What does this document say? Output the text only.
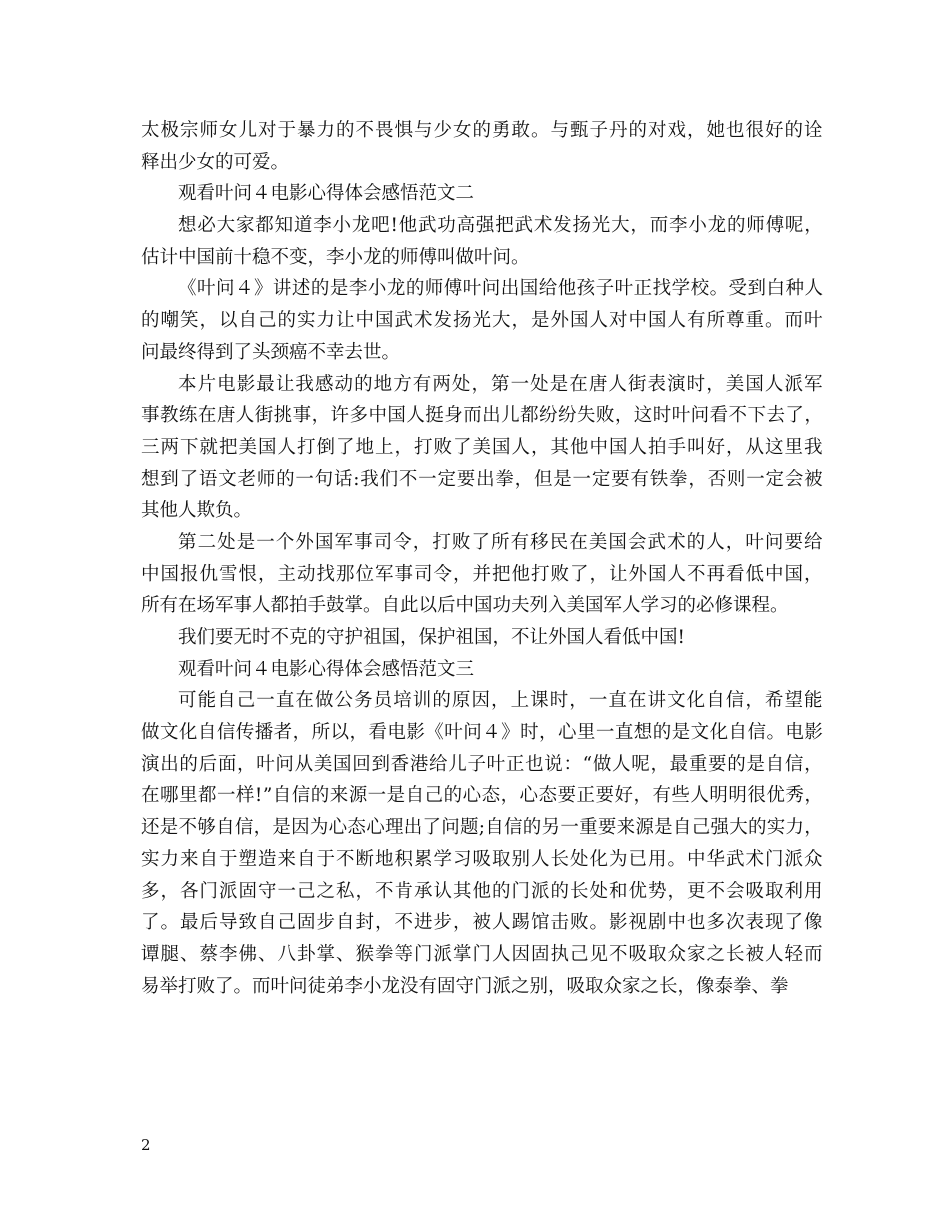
太 极 宗 师 女 儿 对 于 暴 力 的 不 畏 惧 与 少 女 的 勇 敢 。 与 甄 子 丹 的 对 戏 ， 她 也 很 好 的 诠
释出少女的可爱。
观看叶问４电影心得体会感悟范文二
想 必 大 家 都 知 道 李 小 龙 吧 ! 他 武 功 高 强 把 武 术 发 扬 光 大 ， 而 李 小 龙 的 师 傅 呢 ，
估计中国前十稳不变，李小龙的师傅叫做叶问。
《 叶 问 ４ 》 讲 述 的 是 李 小 龙 的 师 傅 叶 问 出 国 给 他 孩 子 叶 正 找 学 校 。 受 到 白 种 人
的 嘲 笑 ， 以 自 己 的 实 力 让 中 国 武 术 发 扬 光 大 ， 是 外 国 人 对 中 国 人 有 所 尊 重 。 而 叶
问最终得到了头颈癌不幸去世。
本 片 电 影 最 让 我 感 动 的 地 方 有 两 处 ， 第 一 处 是 在 唐 人 街 表 演 时 ， 美 国 人 派 军
事 教 练 在 唐 人 街 挑 事 ， 许 多 中 国 人 挺 身 而 出 儿 都 纷 纷 失 败 ， 这 时 叶 问 看 不 下 去 了 ，
三 两 下 就 把 美 国 人 打 倒 了 地 上 ， 打 败 了 美 国 人 ， 其 他 中 国 人 拍 手 叫 好 ， 从 这 里 我
想 到 了 语 文 老 师 的 一 句 话 : 我 们 不 一 定 要 出 拳 ， 但 是 一 定 要 有 铁 拳 ， 否 则 一 定 会 被
其他人欺负。
第 二 处 是 一 个 外 国 军 事 司 令 ， 打 败 了 所 有 移 民 在 美 国 会 武 术 的 人 ， 叶 问 要 给
中 国 报 仇 雪 恨 ， 主 动 找 那 位 军 事 司 令 ， 并 把 他 打 败 了 ， 让 外 国 人 不 再 看 低 中 国 ，
所有在场军事人都拍手鼓掌。自此以后中国功夫列入美国军人学习的必修课程。
我们要无时不克的守护祖国，保护祖国，不让外国人看低中国!
观看叶问４电影心得体会感悟范文三
可 能 自 己 一 直 在 做 公 务 员 培 训 的 原 因 ， 上 课 时 ， 一 直 在 讲 文 化 自 信 ， 希 望 能
做 文 化 自 信 传 播 者 ， 所 以 ， 看 电 影 《 叶 问 ４ 》 时 ， 心 里 一 直 想 的 是 文 化 自 信 。 电 影
演 出 的 后 面 ， 叶 问 从 美 国 回 到 香 港 给 儿 子 叶 正 也 说 ： “ 做 人 呢 ， 最 重 要 的 是 自 信 ，
在 哪 里 都 一 样 ! ” 自 信 的 来 源 一 是 自 己 的 心 态 ， 心 态 要 正 要 好 ， 有 些 人 明 明 很 优 秀 ，
还 是 不 够 自 信 ， 是 因 为 心 态 心 理 出 了 问 题 ; 自 信 的 另 一 重 要 来 源 是 自 己 强 大 的 实 力 ，
实 力 来 自 于 塑 造 来 自 于 不 断 地 积 累 学 习 吸 取 别 人 长 处 化 为 已 用 。 中 华 武 术 门 派 众
多 ， 各 门 派 固 守 一 己 之 私 ， 不 肯 承 认 其 他 的 门 派 的 长 处 和 优 势 ， 更 不 会 吸 取 利 用
了 。 最 后 导 致 自 己 固 步 自 封 ， 不 进 步 ， 被 人 踢 馆 击 败 。 影 视 剧 中 也 多 次 表 现 了 像
谭 腿 、 蔡 李 佛 、 八 卦 掌 、 猴 拳 等 门 派 掌 门 人 因 固 执 己 见 不 吸 取 众 家 之 长 被 人 轻 而
易举打败了。而叶问徒弟李小龙没有固守门派之别，吸取众家之长，像泰拳、拳
2
